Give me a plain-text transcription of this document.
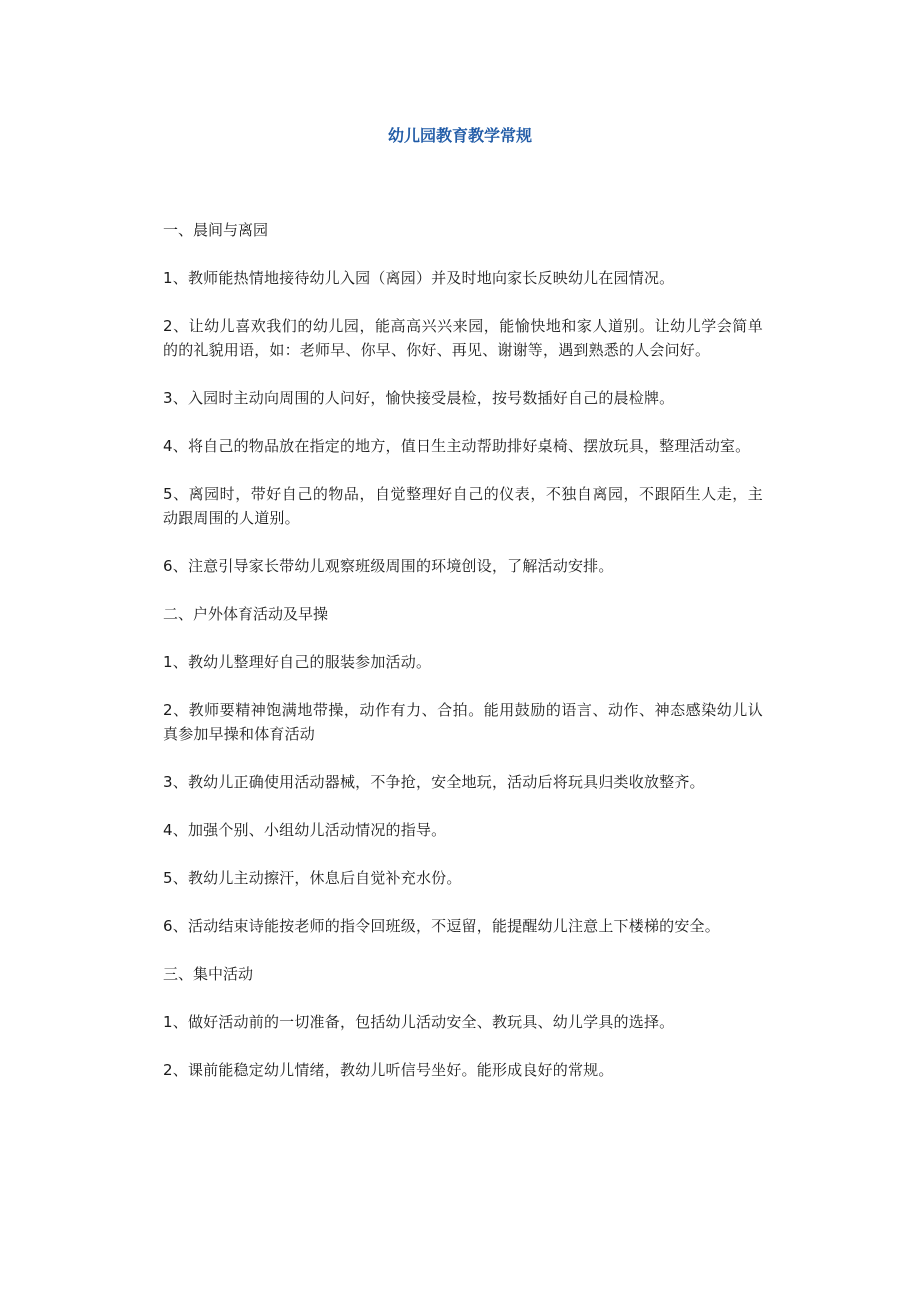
幼儿园教育教学常规

一、晨间与离园

1、教师能热情地接待幼儿入园（离园）并及时地向家长反映幼儿在园情况。

2、让幼儿喜欢我们的幼儿园，能高高兴兴来园，能愉快地和家人道别。让幼儿学会简单的的礼貌用语，如：老师早、你早、你好、再见、谢谢等，遇到熟悉的人会问好。

3、入园时主动向周围的人问好，愉快接受晨检，按号数插好自己的晨检牌。

4、将自己的物品放在指定的地方，值日生主动帮助排好桌椅、摆放玩具，整理活动室。

5、离园时，带好自己的物品，自觉整理好自己的仪表，不独自离园，不跟陌生人走，主动跟周围的人道别。

6、注意引导家长带幼儿观察班级周围的环境创设，了解活动安排。

二、户外体育活动及早操

1、教幼儿整理好自己的服装参加活动。

2、教师要精神饱满地带操，动作有力、合拍。能用鼓励的语言、动作、神态感染幼儿认真参加早操和体育活动

3、教幼儿正确使用活动器械，不争抢，安全地玩，活动后将玩具归类收放整齐。

4、加强个别、小组幼儿活动情况的指导。

5、教幼儿主动擦汗，休息后自觉补充水份。

6、活动结束诗能按老师的指令回班级，不逗留，能提醒幼儿注意上下楼梯的安全。

三、集中活动

1、做好活动前的一切准备，包括幼儿活动安全、教玩具、幼儿学具的选择。

2、课前能稳定幼儿情绪，教幼儿听信号坐好。能形成良好的常规。
